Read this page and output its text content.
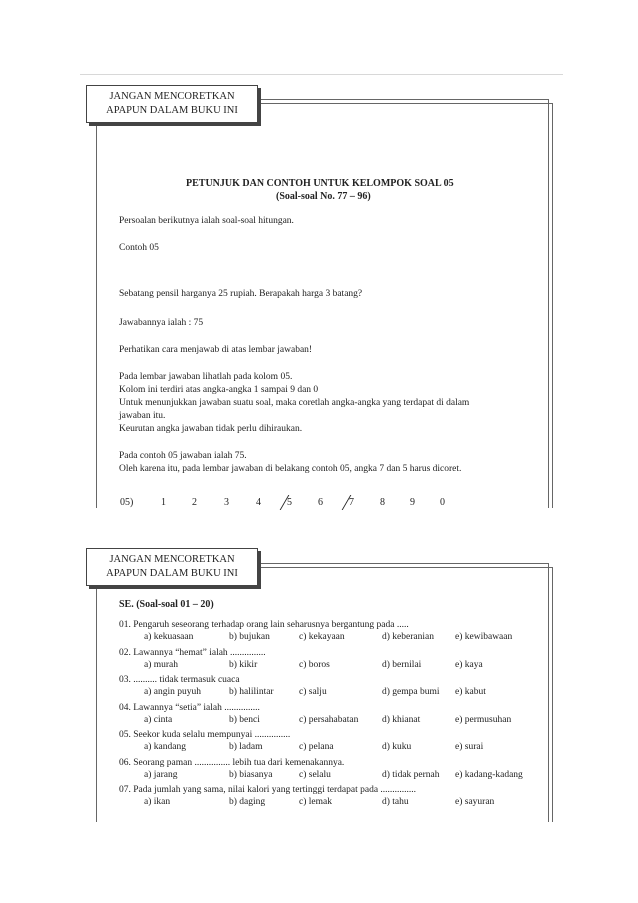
JANGAN MENCORETKAN
APAPUN DALAM BUKU INI
PETUNJUK DAN CONTOH UNTUK KELOMPOK SOAL 05
(Soal-soal No. 77 – 96)
Persoalan berikutnya ialah soal-soal hitungan.
Contoh 05
Sebatang pensil harganya 25 rupiah. Berapakah harga 3 batang?
Jawabannya ialah : 75
Perhatikan cara menjawab di atas lembar jawaban!
Pada lembar jawaban lihatlah pada kolom 05.
Kolom ini terdiri atas angka-angka 1 sampai 9 dan 0
Untuk menunjukkan jawaban suatu soal, maka coretlah angka-angka yang terdapat di dalam
jawaban itu.
Keurutan angka jawaban tidak perlu dihiraukan.
Pada contoh 05 jawaban ialah 75.
Oleh karena itu, pada lembar jawaban di belakang contoh 05, angka 7 dan 5 harus dicoret.
05)	1	2	3	4	5	6	7	8	9	0
JANGAN MENCORETKAN
APAPUN DALAM BUKU INI
SE. (Soal-soal 01 – 20)
01. Pengaruh seseorang terhadap orang lain seharusnya bergantung pada .....
a) kekuasaan	b) bujukan	c) kekayaan	d) keberanian e) kewibawaan
02. Lawannya “hemat” ialah ...............
a) murah	b) kikir	c) boros	d) bernilai	e) kaya
03. .......... tidak termasuk cuaca
a) angin puyuh	b) halilintar	c) salju	d) gempa bumi e) kabut
04. Lawannya “setia” ialah ...............
a) cinta	b) benci	c) persahabatan d) khianat	e) permusuhan
05. Seekor kuda selalu mempunyai ...............
a) kandang	b) ladam	c) pelana	d) kuku	e) surai
06. Seorang paman ............... lebih tua dari kemenakannya.
a) jarang	b) biasanya	c) selalu	d) tidak pernah e) kadang-kadang
07. Pada jumlah yang sama, nilai kalori yang tertinggi terdapat pada ...............
a) ikan	b) daging	c) lemak	d) tahu	e) sayuran
